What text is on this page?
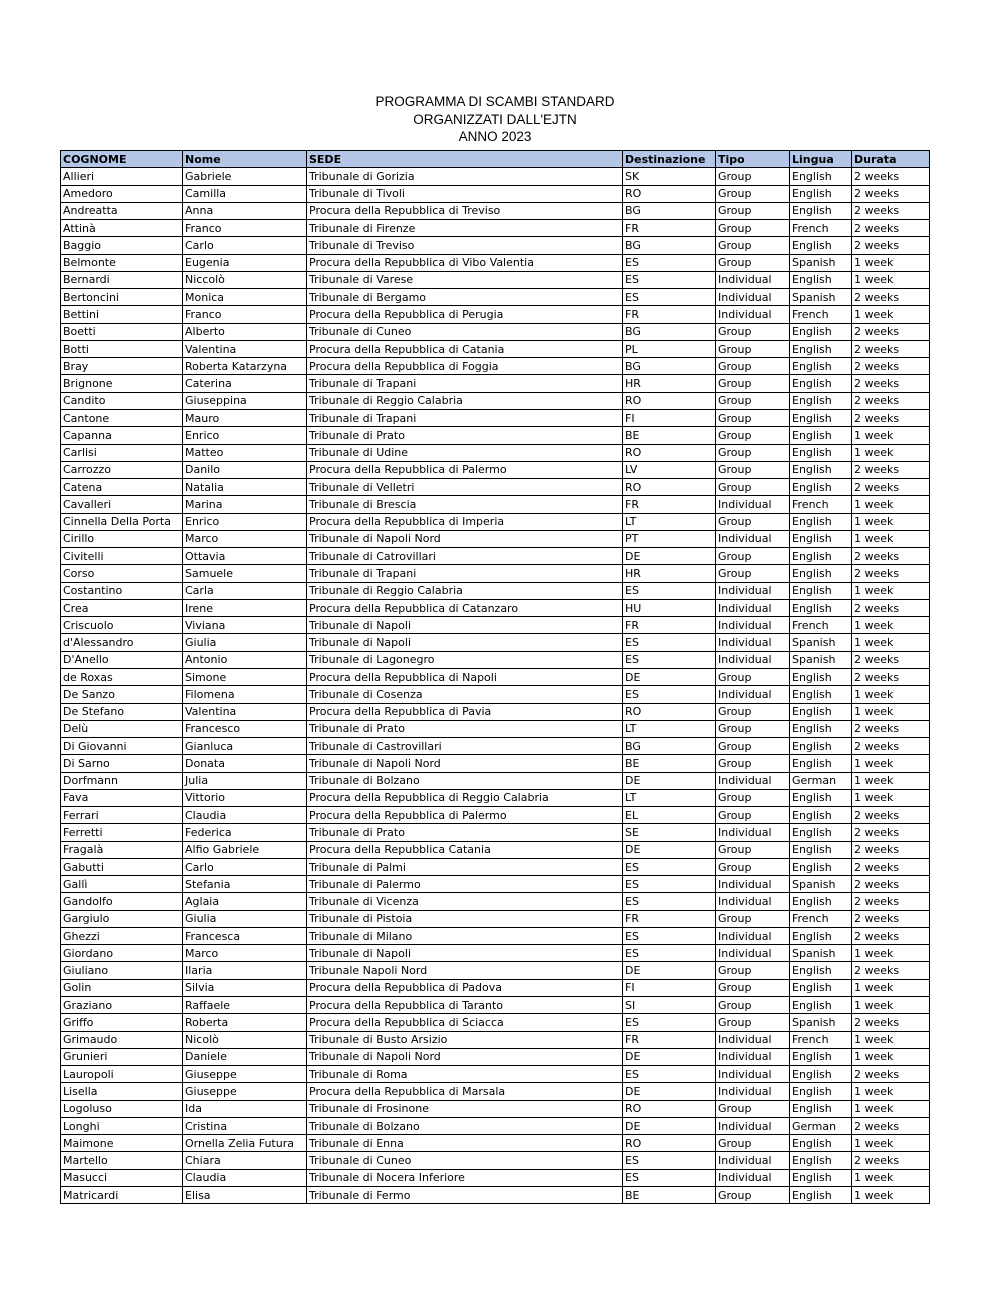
PROGRAMMA DI SCAMBI STANDARD
ORGANIZZATI DALL'EJTN
ANNO 2023
COGNOME	Nome	SEDE	Destinazione	Tipo	Lingua	Durata
Allieri	Gabriele	Tribunale di Gorizia	SK	Group	English	2 weeks
Amedoro	Camilla	Tribunale di Tivoli	RO	Group	English	2 weeks
Andreatta	Anna	Procura della Repubblica di Treviso	BG	Group	English	2 weeks
Attinà	Franco	Tribunale di Firenze	FR	Group	French	2 weeks
Baggio	Carlo	Tribunale di Treviso	BG	Group	English	2 weeks
Belmonte	Eugenia	Procura della Repubblica di Vibo Valentia	ES	Group	Spanish	1 week
Bernardi	Niccolò	Tribunale di Varese	ES	Individual	English	1 week
Bertoncini	Monica	Tribunale di Bergamo	ES	Individual	Spanish	2 weeks
Bettini	Franco	Procura della Repubblica di Perugia	FR	Individual	French	1 week
Boetti	Alberto	Tribunale di Cuneo	BG	Group	English	2 weeks
Botti	Valentina	Procura della Repubblica di Catania	PL	Group	English	2 weeks
Bray	Roberta Katarzyna	Procura della Repubblica di Foggia	BG	Group	English	2 weeks
Brignone	Caterina	Tribunale di Trapani	HR	Group	English	2 weeks
Candito	Giuseppina	Tribunale di Reggio Calabria	RO	Group	English	2 weeks
Cantone	Mauro	Tribunale di Trapani	FI	Group	English	2 weeks
Capanna	Enrico	Tribunale di Prato	BE	Group	English	1 week
Carlisi	Matteo	Tribunale di Udine	RO	Group	English	1 week
Carrozzo	Danilo	Procura della Repubblica di Palermo	LV	Group	English	2 weeks
Catena	Natalia	Tribunale di Velletri	RO	Group	English	2 weeks
Cavalleri	Marina	Tribunale di Brescia	FR	Individual	French	1 week
Cinnella Della Porta	Enrico	Procura della Repubblica di Imperia	LT	Group	English	1 week
Cirillo	Marco	Tribunale di Napoli Nord	PT	Individual	English	1 week
Civitelli	Ottavia	Tribunale di Catrovillari	DE	Group	English	2 weeks
Corso	Samuele	Tribunale di Trapani	HR	Group	English	2 weeks
Costantino	Carla	Tribunale di Reggio Calabria	ES	Individual	English	1 week
Crea	Irene	Procura della Repubblica di Catanzaro	HU	Individual	English	2 weeks
Criscuolo	Viviana	Tribunale di Napoli	FR	Individual	French	1 week
d'Alessandro	Giulia	Tribunale di Napoli	ES	Individual	Spanish	1 week
D'Anello	Antonio	Tribunale di Lagonegro	ES	Individual	Spanish	2 weeks
de Roxas	Simone	Procura della Repubblica di Napoli	DE	Group	English	2 weeks
De Sanzo	Filomena	Tribunale di Cosenza	ES	Individual	English	1 week
De Stefano	Valentina	Procura della Repubblica di Pavia	RO	Group	English	1 week
Delù	Francesco	Tribunale di Prato	LT	Group	English	2 weeks
Di Giovanni	Gianluca	Tribunale di Castrovillari	BG	Group	English	2 weeks
Di Sarno	Donata	Tribunale di Napoli Nord	BE	Group	English	1 week
Dorfmann	Julia	Tribunale di Bolzano	DE	Individual	German	1 week
Fava	Vittorio	Procura della Repubblica di Reggio Calabria	LT	Group	English	1 week
Ferrari	Claudia	Procura della Repubblica di Palermo	EL	Group	English	2 weeks
Ferretti	Federica	Tribunale di Prato	SE	Individual	English	2 weeks
Fragalà	Alfio Gabriele	Procura della Repubblica Catania	DE	Group	English	2 weeks
Gabutti	Carlo	Tribunale di Palmi	ES	Group	English	2 weeks
Gallì	Stefania	Tribunale di Palermo	ES	Individual	Spanish	2 weeks
Gandolfo	Aglaia	Tribunale di Vicenza	ES	Individual	English	2 weeks
Gargiulo	Giulia	Tribunale di Pistoia	FR	Group	French	2 weeks
Ghezzi	Francesca	Tribunale di Milano	ES	Individual	English	2 weeks
Giordano	Marco	Tribunale di Napoli	ES	Individual	Spanish	1 week
Giuliano	Ilaria	Tribunale Napoli Nord	DE	Group	English	2 weeks
Golin	Silvia	Procura della Repubblica di Padova	FI	Group	English	1 week
Graziano	Raffaele	Procura della Repubblica di Taranto	SI	Group	English	1 week
Griffo	Roberta	Procura della Repubblica di Sciacca	ES	Group	Spanish	2 weeks
Grimaudo	Nicolò	Tribunale di Busto Arsizio	FR	Individual	French	1 week
Grunieri	Daniele	Tribunale di Napoli Nord	DE	Individual	English	1 week
Lauropoli	Giuseppe	Tribunale di Roma	ES	Individual	English	2 weeks
Lisella	Giuseppe	Procura della Repubblica di Marsala	DE	Individual	English	1 week
Logoluso	Ida	Tribunale di Frosinone	RO	Group	English	1 week
Longhi	Cristina	Tribunale di Bolzano	DE	Individual	German	2 weeks
Maimone	Ornella Zelia Futura	Tribunale di Enna	RO	Group	English	1 week
Martello	Chiara	Tribunale di Cuneo	ES	Individual	English	2 weeks
Masucci	Claudia	Tribunale di Nocera Inferiore	ES	Individual	English	1 week
Matricardi	Elisa	Tribunale di Fermo	BE	Group	English	1 week
